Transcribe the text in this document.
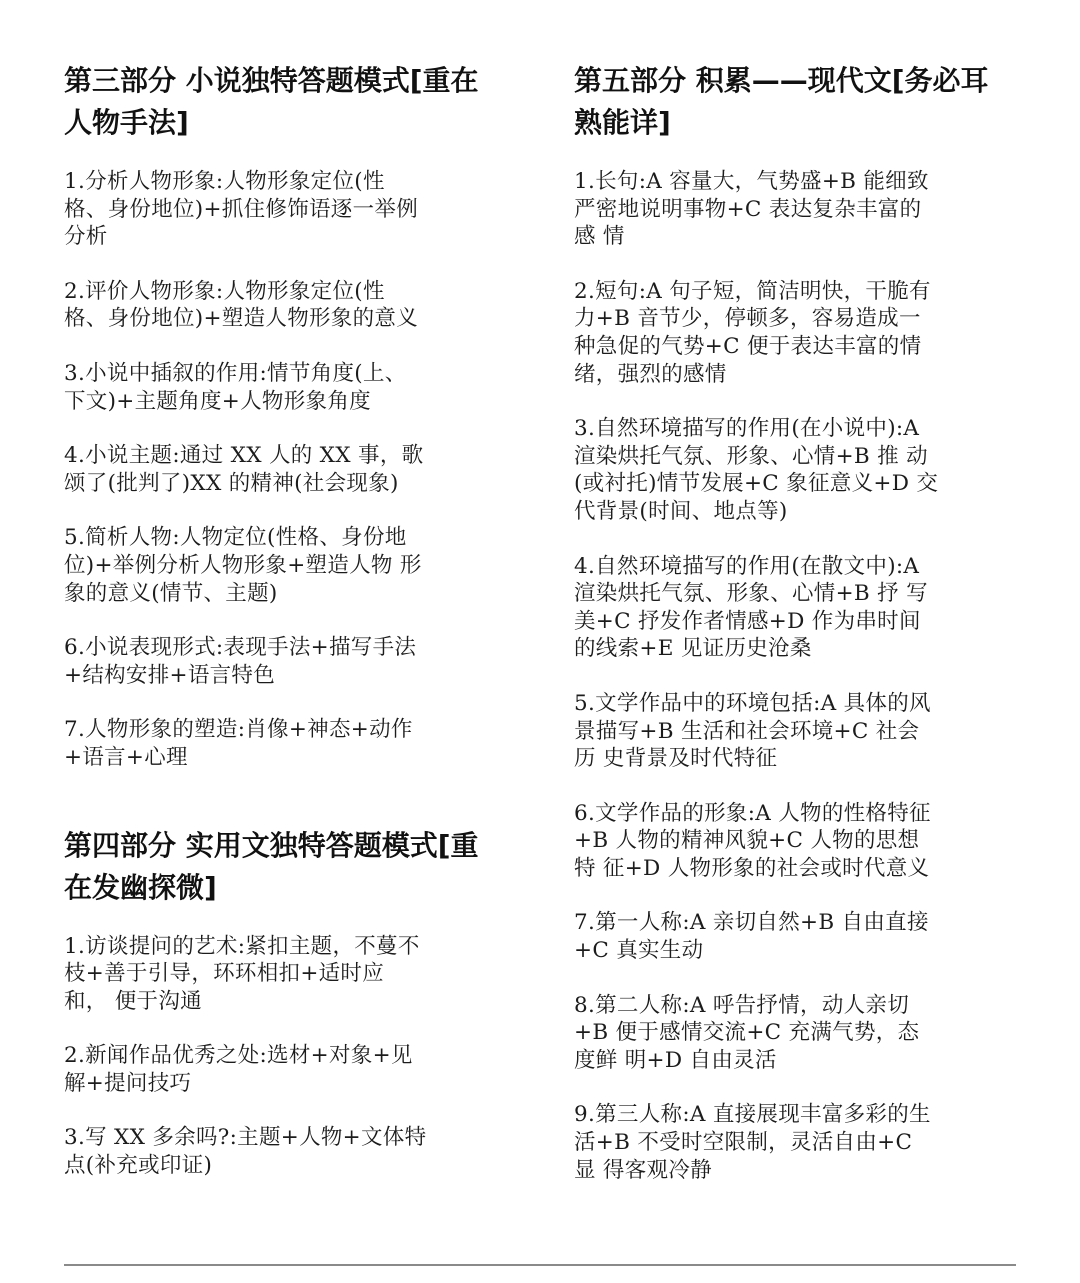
第三部分 小说独特答题模式[重在
人物手法]

1.分析人物形象:人物形象定位(性
格、身份地位)+抓住修饰语逐一举例
分析

2.评价人物形象:人物形象定位(性
格、身份地位)+塑造人物形象的意义

3.小说中插叙的作用:情节角度(上、
下文)+主题角度+人物形象角度

4.小说主题:通过 XX 人的 XX 事，歌
颂了(批判了)XX 的精神(社会现象)

5.简析人物:人物定位(性格、身份地
位)+举例分析人物形象+塑造人物 形
象的意义(情节、主题)

6.小说表现形式:表现手法+描写手法
+结构安排+语言特色

7.人物形象的塑造:肖像+神态+动作
+语言+心理

第四部分 实用文独特答题模式[重
在发幽探微]

1.访谈提问的艺术:紧扣主题，不蔓不
枝+善于引导，环环相扣+适时应
和， 便于沟通

2.新闻作品优秀之处:选材+对象+见
解+提问技巧

3.写 XX 多余吗?:主题+人物+文体特
点(补充或印证)

第五部分 积累——现代文[务必耳
熟能详]

1.长句:A 容量大，气势盛+B 能细致
严密地说明事物+C 表达复杂丰富的
感 情

2.短句:A 句子短，简洁明快，干脆有
力+B 音节少，停顿多，容易造成一
种急促的气势+C 便于表达丰富的情
绪，强烈的感情

3.自然环境描写的作用(在小说中):A
渲染烘托气氛、形象、心情+B 推 动
(或衬托)情节发展+C 象征意义+D 交
代背景(时间、地点等)

4.自然环境描写的作用(在散文中):A
渲染烘托气氛、形象、心情+B 抒 写
美+C 抒发作者情感+D 作为串时间
的线索+E 见证历史沧桑

5.文学作品中的环境包括:A 具体的风
景描写+B 生活和社会环境+C 社会
历 史背景及时代特征

6.文学作品的形象:A 人物的性格特征
+B 人物的精神风貌+C 人物的思想
特 征+D 人物形象的社会或时代意义

7.第一人称:A 亲切自然+B 自由直接
+C 真实生动

8.第二人称:A 呼告抒情，动人亲切
+B 便于感情交流+C 充满气势，态
度鲜 明+D 自由灵活

9.第三人称:A 直接展现丰富多彩的生
活+B 不受时空限制，灵活自由+C
显 得客观冷静
